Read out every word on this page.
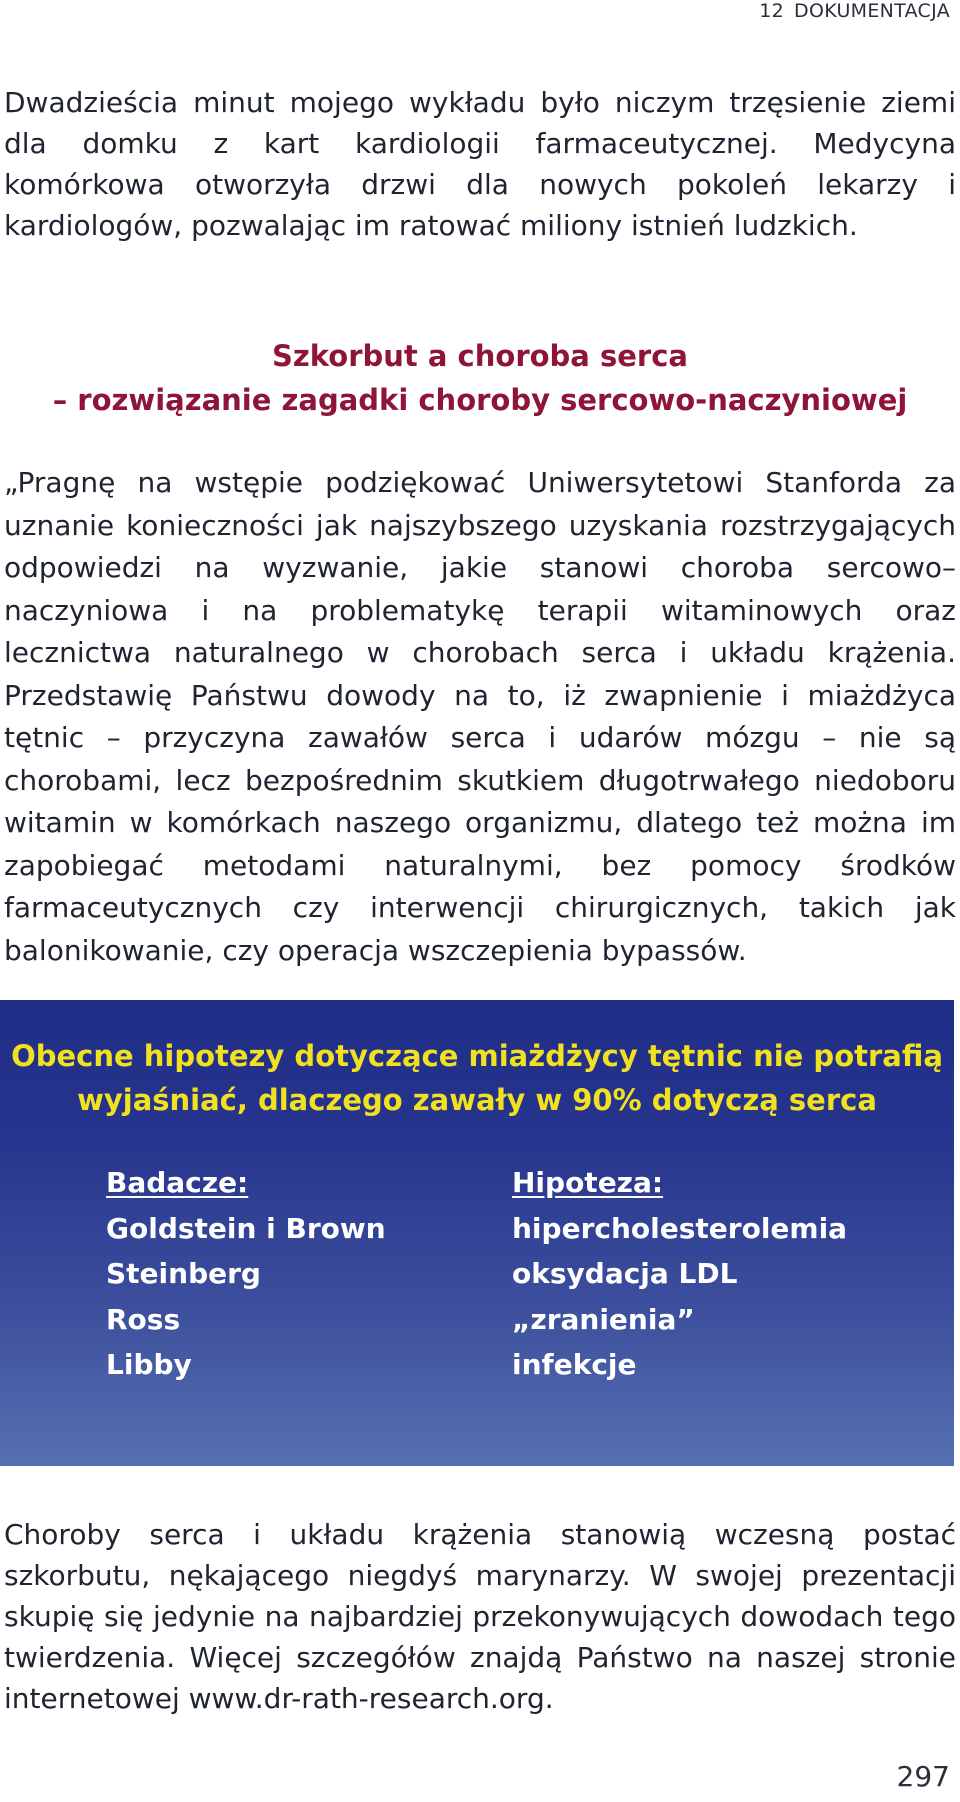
12 DOKUMENTACJA

Dwadzieścia minut mojego wykładu było niczym trzęsienie ziemi dla domku z kart kardiologii farmaceutycznej. Medycyna komórkowa otworzyła drzwi dla nowych pokoleń lekarzy i kardiologów, pozwalając im ratować miliony istnień ludzkich.

Szkorbut a choroba serca
– rozwiązanie zagadki choroby sercowo-naczyniowej

„Pragnę na wstępie podziękować Uniwersytetowi Stanforda za uznanie konieczności jak najszybszego uzyskania rozstrzygających odpowiedzi na wyzwanie, jakie stanowi choroba sercowo–naczyniowa i na problematykę terapii witaminowych oraz lecznictwa naturalnego w chorobach serca i układu krążenia. Przedstawię Państwu dowody na to, iż zwapnienie i miażdżyca tętnic – przyczyna zawałów serca i udarów mózgu – nie są chorobami, lecz bezpośrednim skutkiem długotrwałego niedoboru witamin w komórkach naszego organizmu, dlatego też można im zapobiegać metodami naturalnymi, bez pomocy środków farmaceutycznych czy interwencji chirurgicznych, takich jak balonikowanie, czy operacja wszczepienia bypassów.

Obecne hipotezy dotyczące miażdżycy tętnic nie potrafią
wyjaśniać, dlaczego zawały w 90% dotyczą serca
Badacze:
Goldstein i Brown
Steinberg
Ross
Libby
Hipoteza:
hipercholesterolemia
oksydacja LDL
„zranienia”
infekcje

Choroby serca i układu krążenia stanowią wczesną postać szkorbutu, nękającego niegdyś marynarzy. W swojej prezentacji skupię się jedynie na najbardziej przekonywujących dowodach tego twierdzenia. Więcej szczegółów znajdą Państwo na naszej stronie internetowej www.dr-rath-research.org.

297
